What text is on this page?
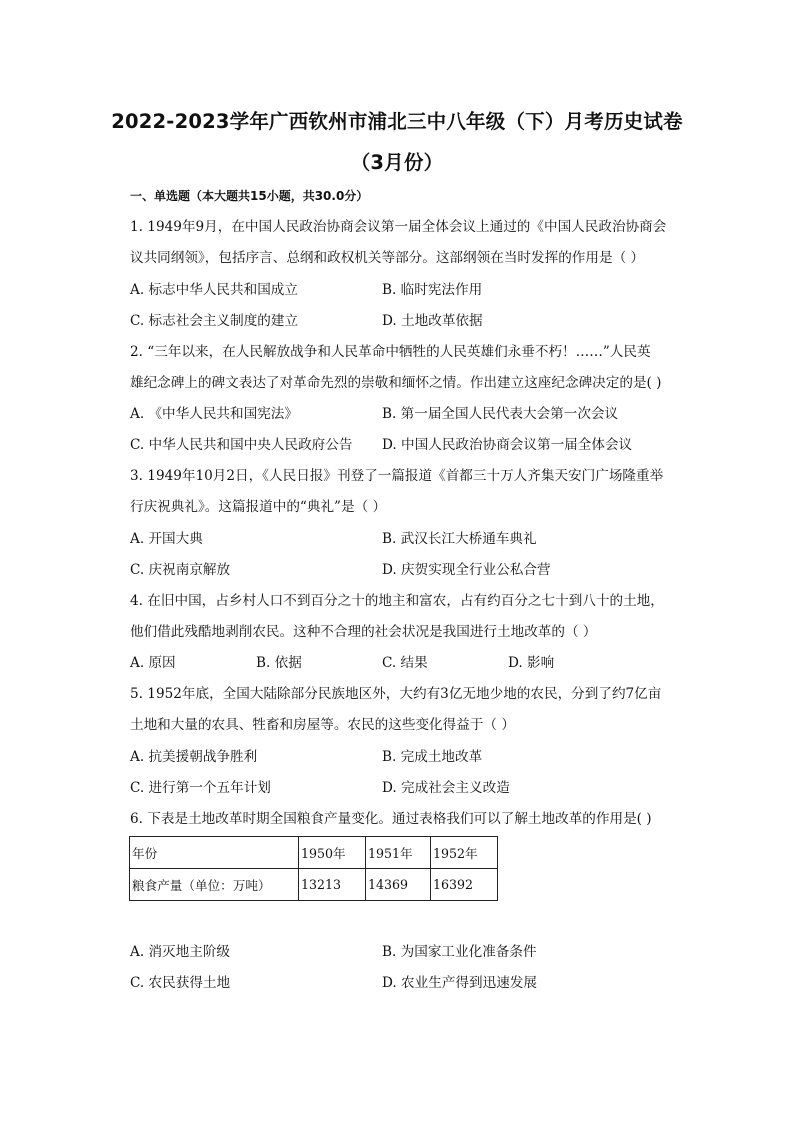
2022-2023学年广西钦州市浦北三中八年级（下）月考历史试卷
（3月份）
一、单选题（本大题共15小题，共30.0分）
1. 1949年9月，在中国人民政治协商会议第一届全体会议上通过的《中国人民政治协商会
议共同纲领》，包括序言、总纲和政权机关等部分。这部纲领在当时发挥的作用是（ ）
A. 标志中华人民共和国成立	B. 临时宪法作用
C. 标志社会主义制度的建立	D. 土地改革依据
2. “三年以来，在人民解放战争和人民革命中牺牲的人民英雄们永垂不朽！……”人民英
雄纪念碑上的碑文表达了对革命先烈的崇敬和缅怀之情。作出建立这座纪念碑决定的是( )
A. 《中华人民共和国宪法》	B. 第一届全国人民代表大会第一次会议
C. 中华人民共和国中央人民政府公告 D. 中国人民政治协商会议第一届全体会议
3. 1949年10月2日，《人民日报》刊登了一篇报道《首都三十万人齐集天安门广场隆重举
行庆祝典礼》。这篇报道中的“典礼”是（ ）
A. 开国大典	B. 武汉长江大桥通车典礼
C. 庆祝南京解放	D. 庆贺实现全行业公私合营
4. 在旧中国，占乡村人口不到百分之十的地主和富农，占有约百分之七十到八十的土地，
他们借此残酷地剥削农民。这种不合理的社会状况是我国进行土地改革的（ ）
A. 原因	B. 依据	C. 结果	D. 影响
5. 1952年底，全国大陆除部分民族地区外，大约有3亿无地少地的农民，分到了约7亿亩
土地和大量的农具、牲畜和房屋等。农民的这些变化得益于（ ）
A. 抗美援朝战争胜利	B. 完成土地改革
C. 进行第一个五年计划	D. 完成社会主义改造
6. 下表是土地改革时期全国粮食产量变化。通过表格我们可以了解土地改革的作用是( )
年份	1950年	1951年	1952年
粮食产量（单位：万吨）	13213	14369	16392
A. 消灭地主阶级	B. 为国家工业化准备条件
C. 农民获得土地	D. 农业生产得到迅速发展
